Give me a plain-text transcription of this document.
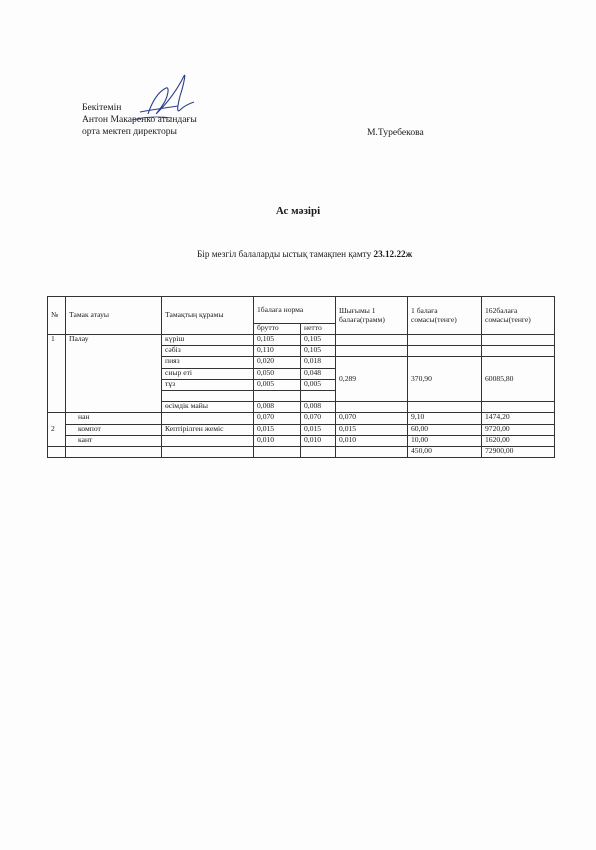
Бекітемін
Антон Макаренко атындағы
орта мектеп директоры	М.Туребекова
Ас мәзірі
Бір мезгіл балаларды ыстық тамақпен қамту 23.12.22ж
№	Тамак атауы	Тамақтың құрамы	1балаға норма		Шығымы 1 балаға(грамм)	1 балаға сомасы(тенге)	162балаға сомасы(тенге)
			брутто	нетто			
1	Палау	күріш	0,105	0,105			
		сәбіз	0,110	0,105			
		пияз	0,020	0,018	0,289	370,90	60085,80
		сиыр еті	0,050	0,048			
		тұз	0,005	0,005			

		өсімдік майы	0,008	0,008			
2	нан		0,070	0,070	0,070	9,10	1474,20
	компот	Кептірілген жеміс	0,015	0,015	0,015	60,00	9720,00
	кант		0,010	0,010	0,010	10,00	1620,00
						450,00	72900,00
